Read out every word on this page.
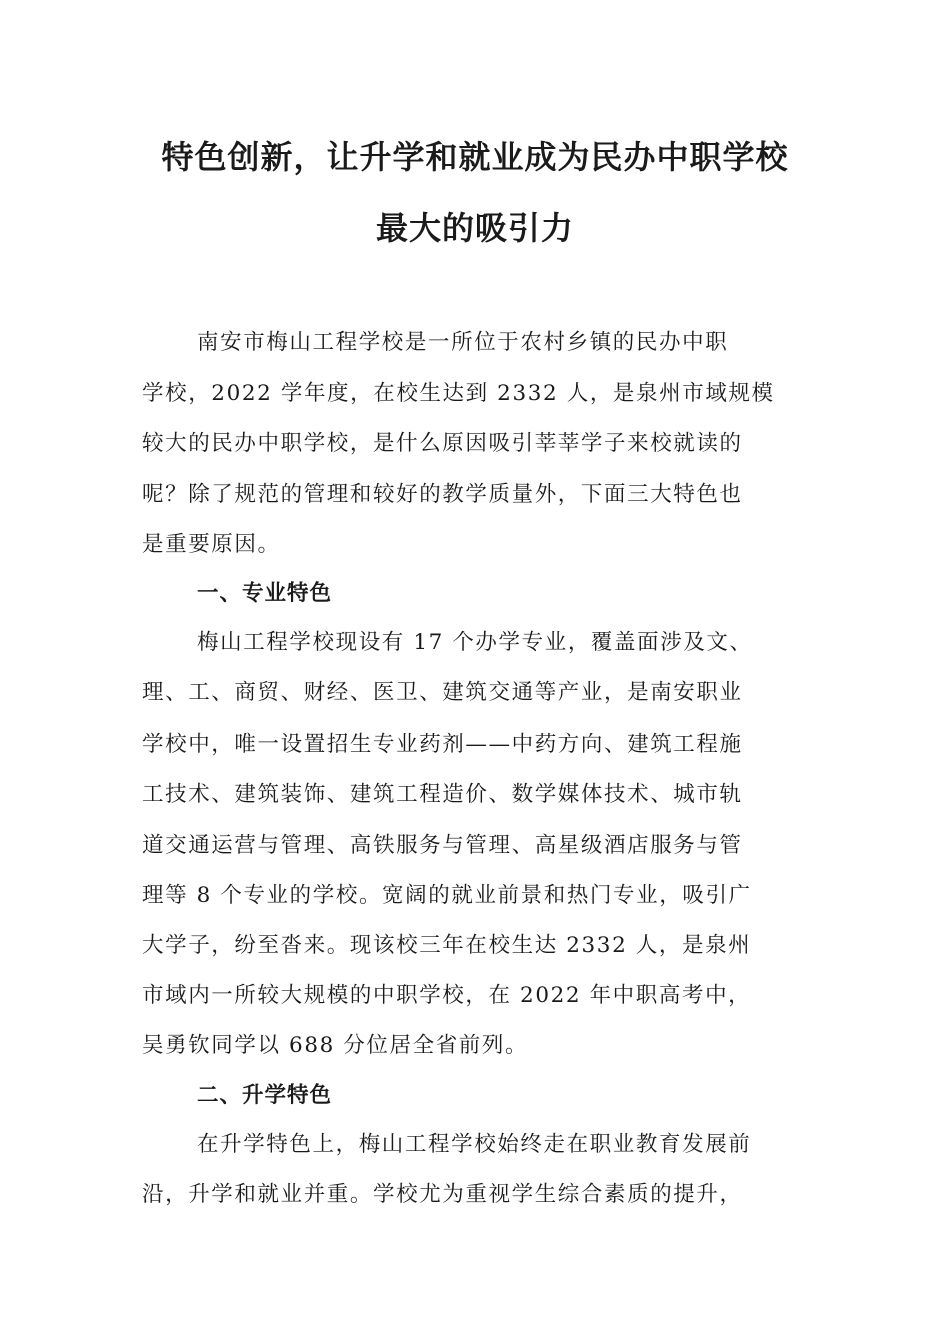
特色创新，让升学和就业成为民办中职学校
最大的吸引力
南安市梅山工程学校是一所位于农村乡镇的民办中职
学校，2022 学年度，在校生达到 2332 人，是泉州市域规模
较大的民办中职学校，是什么原因吸引莘莘学子来校就读的
呢？除了规范的管理和较好的教学质量外，下面三大特色也
是重要原因。
一、专业特色
梅山工程学校现设有 17 个办学专业，覆盖面涉及文、
理、工、商贸、财经、医卫、建筑交通等产业，是南安职业
学校中，唯一设置招生专业药剂——中药方向、建筑工程施
工技术、建筑装饰、建筑工程造价、数学媒体技术、城市轨
道交通运营与管理、高铁服务与管理、高星级酒店服务与管
理等 8 个专业的学校。宽阔的就业前景和热门专业，吸引广
大学子，纷至沓来。现该校三年在校生达 2332 人，是泉州
市域内一所较大规模的中职学校，在 2022 年中职高考中，
吴勇钦同学以 688 分位居全省前列。
二、升学特色
在升学特色上，梅山工程学校始终走在职业教育发展前
沿，升学和就业并重。学校尤为重视学生综合素质的提升，
